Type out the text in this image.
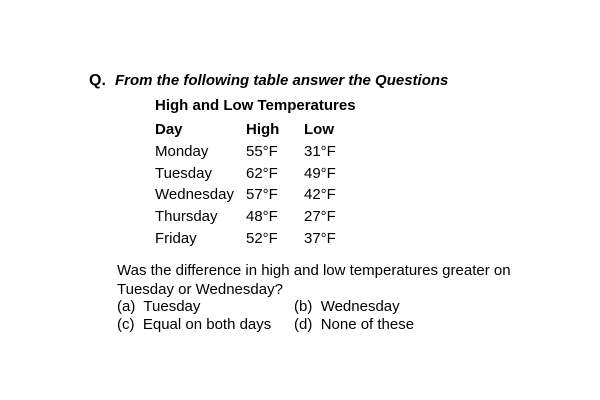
Q. From the following table answer the Questions
High and Low Temperatures
Day	High Low
Monday	55°F 31°F
Tuesday 62°F 49°F
Wednesday 57°F 42°F
Thursday 48°F 27°F
Friday	52°F 37°F
Was the difference in high and low temperatures greater on Tuesday or Wednesday?
(a) Tuesday	(b) Wednesday
(c) Equal on both days (d) None of these
